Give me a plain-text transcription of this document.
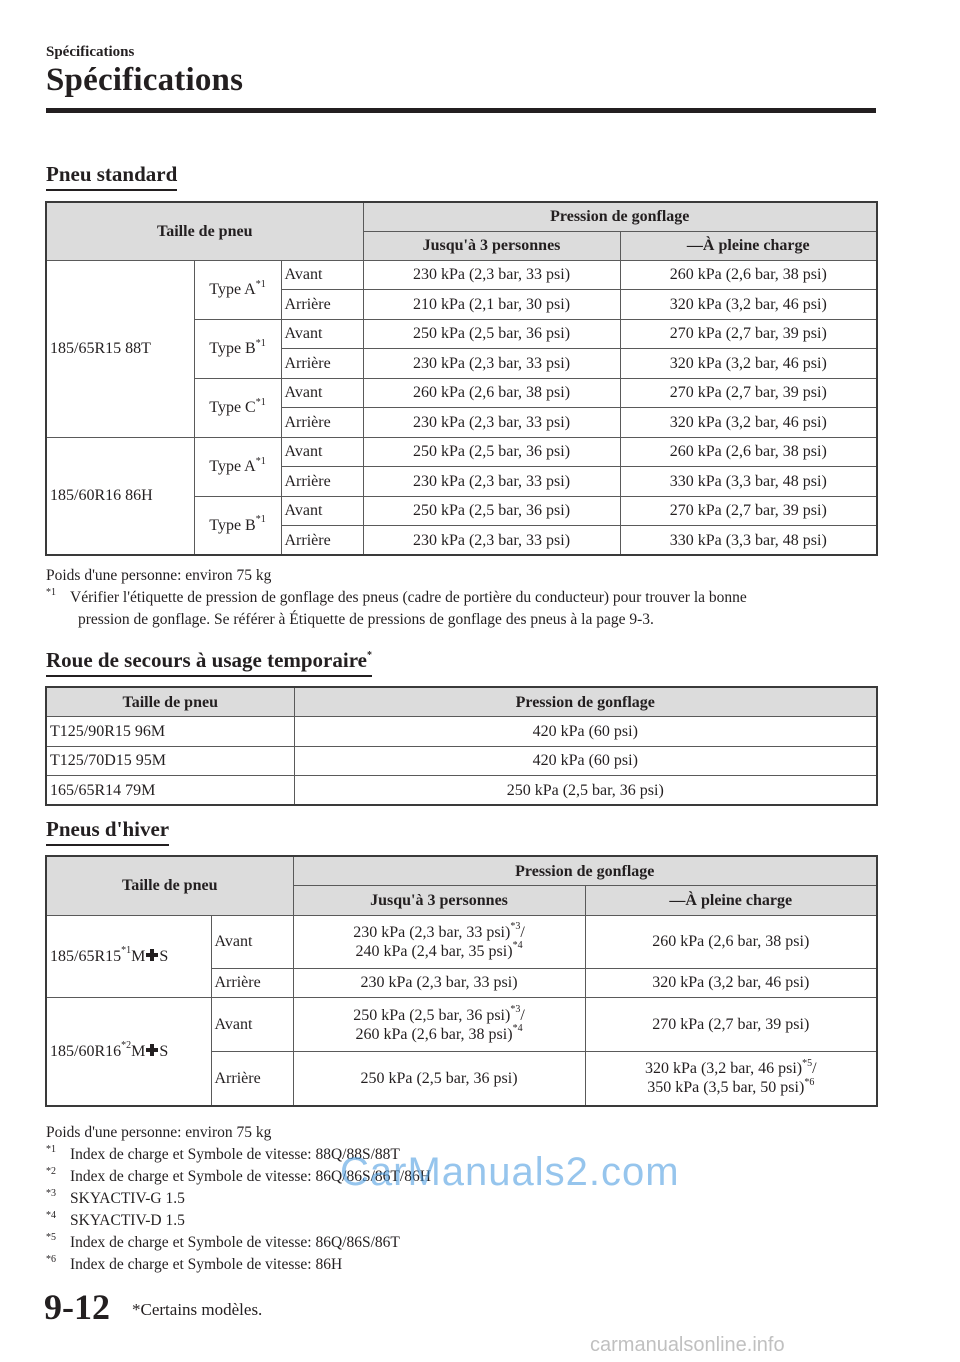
Spécifications
Spécifications
Pneu standard
Taille de pneu			Pression de gonflage	
			Jusqu'à 3 personnes	—À pleine charge
185/65R15 88T	Type $A^{*1}$	Avant	230 kPa (2,3 bar, 33 psi)	260 kPa (2,6 bar, 38 psi)
		Arrière	210 kPa (2,1 bar, 30 psi)	320 kPa (3,2 bar, 46 psi)
	Type $B^{*1}$	Avant	250 kPa (2,5 bar, 36 psi)	270 kPa (2,7 bar, 39 psi)
		Arrière	230 kPa (2,3 bar, 33 psi)	320 kPa (3,2 bar, 46 psi)
	Type $C^{*1}$	Avant	260 kPa (2,6 bar, 38 psi)	270 kPa (2,7 bar, 39 psi)
		Arrière	230 kPa (2,3 bar, 33 psi)	320 kPa (3,2 bar, 46 psi)
185/60R16 86H	Type $A^{*1}$	Avant	250 kPa (2,5 bar, 36 psi)	260 kPa (2,6 bar, 38 psi)
		Arrière	230 kPa (2,3 bar, 33 psi)	330 kPa (3,3 bar, 48 psi)
	Type $B^{*1}$	Avant	250 kPa (2,5 bar, 36 psi)	270 kPa (2,7 bar, 39 psi)
		Arrière	230 kPa (2,3 bar, 33 psi)	330 kPa (3,3 bar, 48 psi)
Poids d'une personne: environ 75 kg
$^{*1}$ Vérifier l'étiquette de pression de gonflage des pneus (cadre de portière du conducteur) pour trouver la bonne
pression de gonflage. Se référer à Étiquette de pressions de gonflage des pneus à la page 9-3.
Roue de secours à usage temporaire*
Taille de pneu	Pression de gonflage
T125/90R15 96M	420 kPa (60 psi)
T125/70D15 95M	420 kPa (60 psi)
165/65R14 79M	250 kPa (2,5 bar, 36 psi)
Pneus d'hiver
Taille de pneu		Pression de gonflage	
		Jusqu'à 3 personnes	—À pleine charge
185/65R15$^{*1}$M S	Avant	230 kPa (2,3 bar, 33 psi)$^{*3}$/
240 kPa (2,4 bar, 35 psi)$^{*4}$	260 kPa (2,6 bar, 38 psi)
	Arrière	230 kPa (2,3 bar, 33 psi)	320 kPa (3,2 bar, 46 psi)
185/60R16$^{*2}$M S	Avant	250 kPa (2,5 bar, 36 psi)$^{*3}$/
260 kPa (2,6 bar, 38 psi)$^{*4}$	270 kPa (2,7 bar, 39 psi)
	Arrière	250 kPa (2,5 bar, 36 psi)	320 kPa (3,2 bar, 46 psi)$^{*5}$/
350 kPa (3,5 bar, 50 psi)$^{*6}$
Poids d'une personne: environ 75 kg
$^{*1}$ Index de charge et Symbole de vitesse: 88Q/88S/88T
$^{*2}$ Index de charge et Symbole de vitesse: 86Q/86S/86T/86H
$^{*3}$ SKYACTIV-G 1.5
$^{*4}$ SKYACTIV-D 1.5
$^{*5}$ Index de charge et Symbole de vitesse: 86Q/86S/86T
$^{*6}$ Index de charge et Symbole de vitesse: 86H
9-12 *Certains modèles.
CarManuals2.com
carmanualsonline.info
